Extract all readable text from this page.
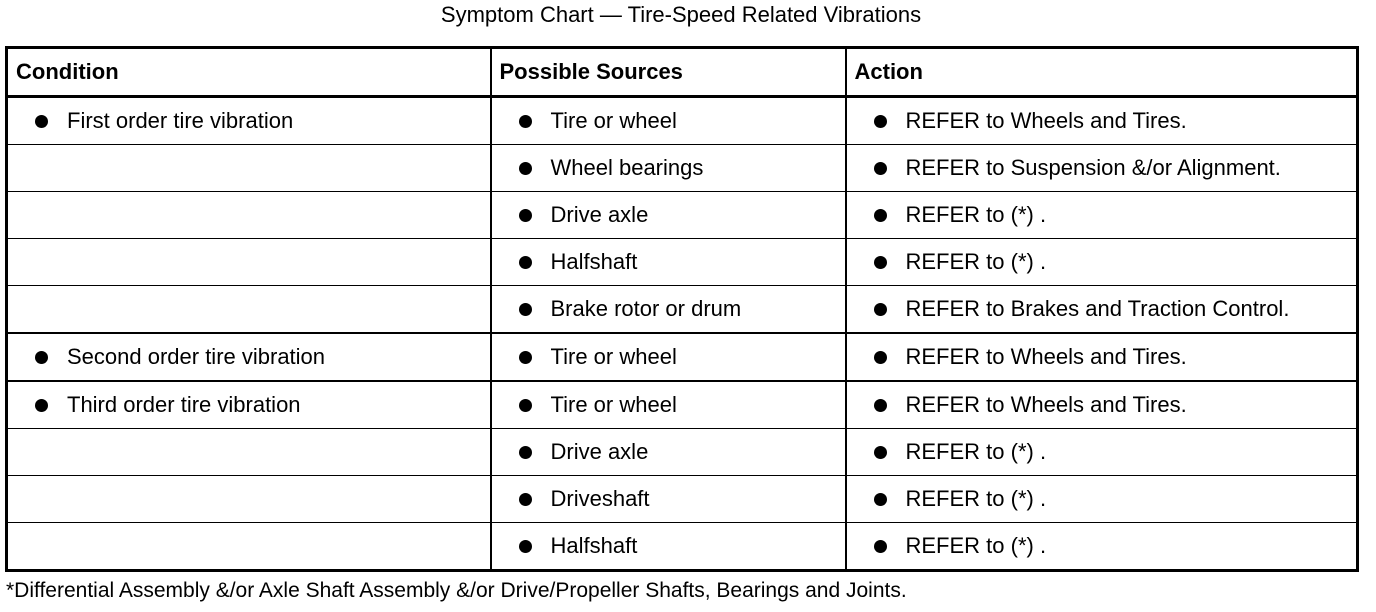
Symptom Chart — Tire-Speed Related Vibrations
Condition	Possible Sources	Action

First order tire vibration	Tire or wheel	REFER to Wheels and Tires.

	Wheel bearings	REFER to Suspension &/or Alignment.

	Drive axle	REFER to (*) .

	Halfshaft	REFER to (*) .

	Brake rotor or drum	REFER to Brakes and Traction Control.

Second order tire vibration	Tire or wheel	REFER to Wheels and Tires.

Third order tire vibration	Tire or wheel	REFER to Wheels and Tires.

	Drive axle	REFER to (*) .

	Driveshaft	REFER to (*) .

	Halfshaft	REFER to (*) .
*Differential Assembly &/or Axle Shaft Assembly &/or Drive/Propeller Shafts, Bearings and Joints.
